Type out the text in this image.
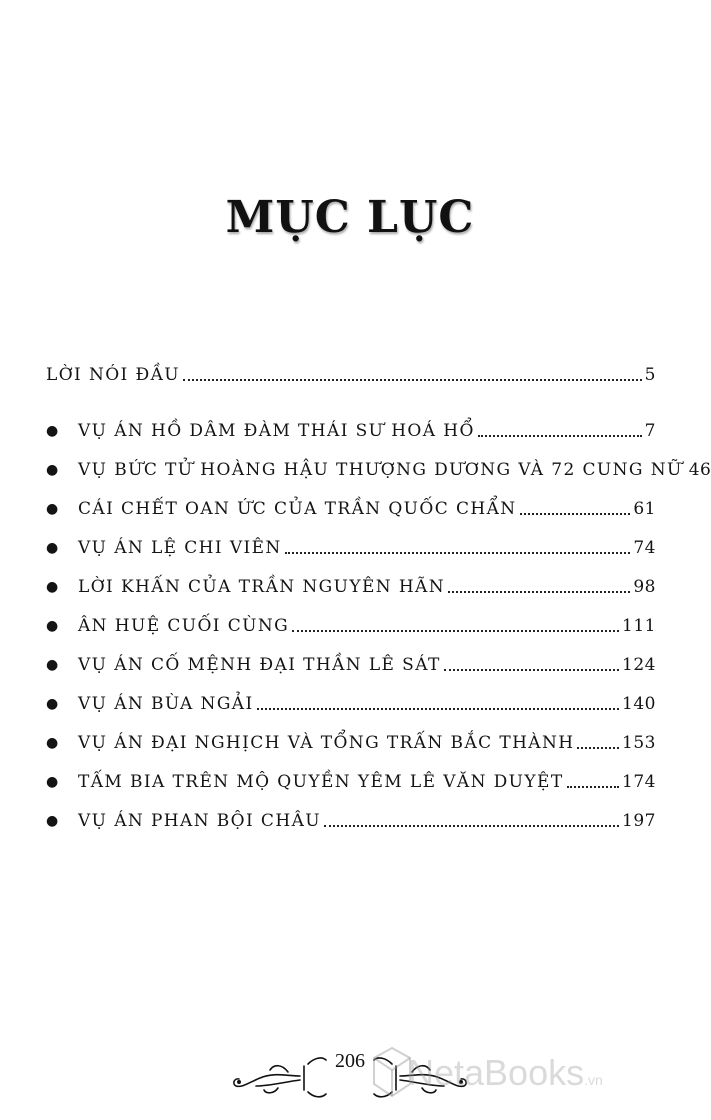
MỤC LỤC
LỜI NÓI ĐẦU	5
●	VỤ ÁN HỒ DÂM ĐÀM THÁI SƯ HOÁ HỔ	7
●	VỤ BỨC TỬ HOÀNG HẬU THƯỢNG DƯƠNG VÀ 72 CUNG NỮ 46
●	CÁI CHẾT OAN ỨC CỦA TRẦN QUỐC CHẨN	61
●	VỤ ÁN LỆ CHI VIÊN	74
●	LỜI KHẤN CỦA TRẦN NGUYÊN HÃN	98
●	ÂN HUỆ CUỐI CÙNG	111
●	VỤ ÁN CỐ MỆNH ĐẠI THẦN LÊ SÁT	124
●	VỤ ÁN BÙA NGẢI	140
●	VỤ ÁN ĐẠI NGHỊCH VÀ TỔNG TRẤN BẮC THÀNH	153
●	TẤM BIA TRÊN MỘ QUYỀN YÊM LÊ VĂN DUYỆT	174
●	VỤ ÁN PHAN BỘI CHÂU	197
206	NetaBooks.vn
